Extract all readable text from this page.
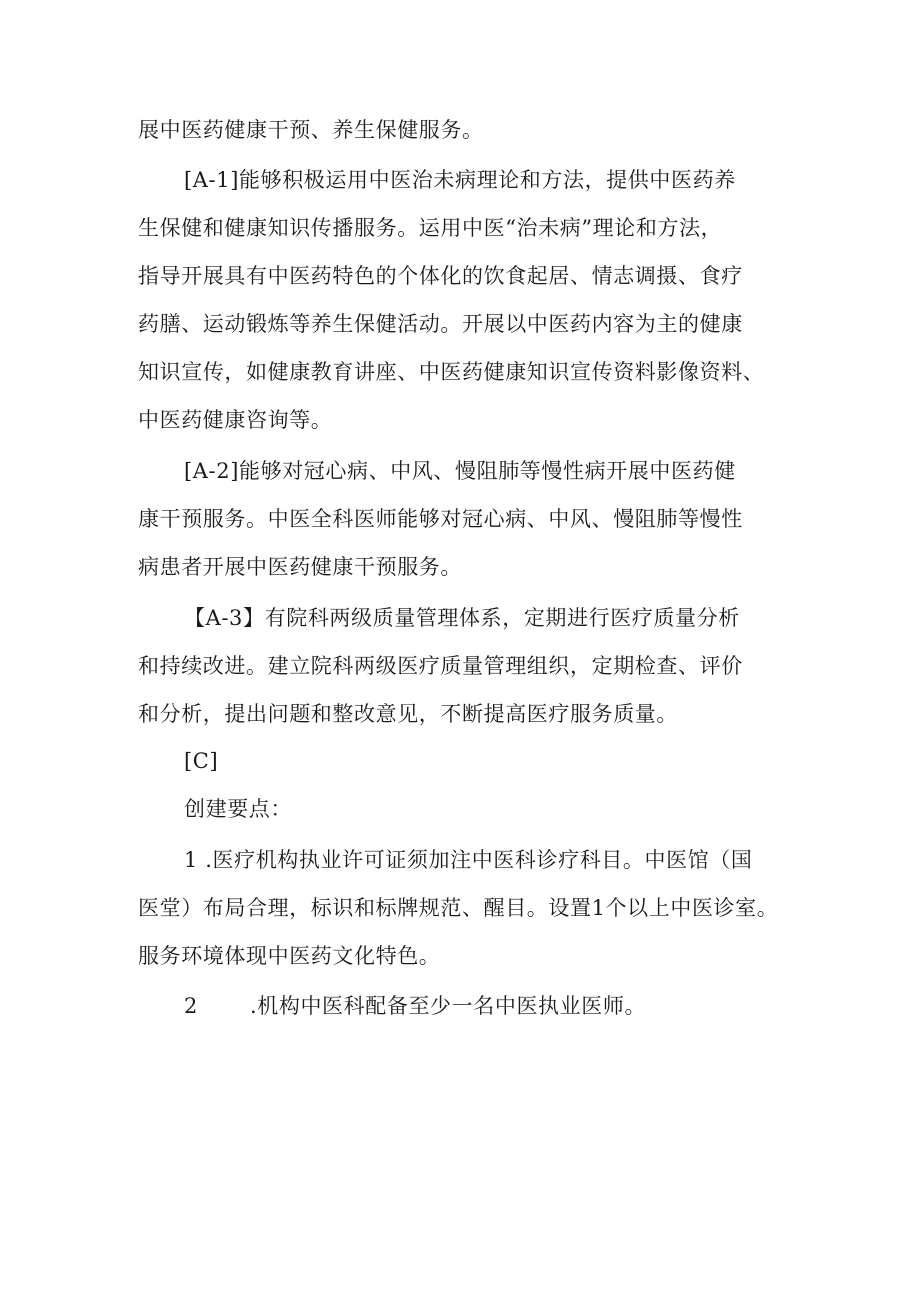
展中医药健康干预、养生保健服务。
[A-1]能够积极运用中医治未病理论和方法，提供中医药养
生保健和健康知识传播服务。运用中医“治未病”理论和方法，
指导开展具有中医药特色的个体化的饮食起居、情志调摄、食疗
药膳、运动锻炼等养生保健活动。开展以中医药内容为主的健康
知识宣传，如健康教育讲座、中医药健康知识宣传资料影像资料、
中医药健康咨询等。
[A-2]能够对冠心病、中风、慢阻肺等慢性病开展中医药健
康干预服务。中医全科医师能够对冠心病、中风、慢阻肺等慢性
病患者开展中医药健康干预服务。
【A-3】有院科两级质量管理体系，定期进行医疗质量分析
和持续改进。建立院科两级医疗质量管理组织，定期检查、评价
和分析，提出问题和整改意见，不断提高医疗服务质量。
[C]
创建要点：
1 .医疗机构执业许可证须加注中医科诊疗科目。中医馆（国
医堂）布局合理，标识和标牌规范、醒目。设置1个以上中医诊室。
服务环境体现中医药文化特色。
2 .机构中医科配备至少一名中医执业医师。
